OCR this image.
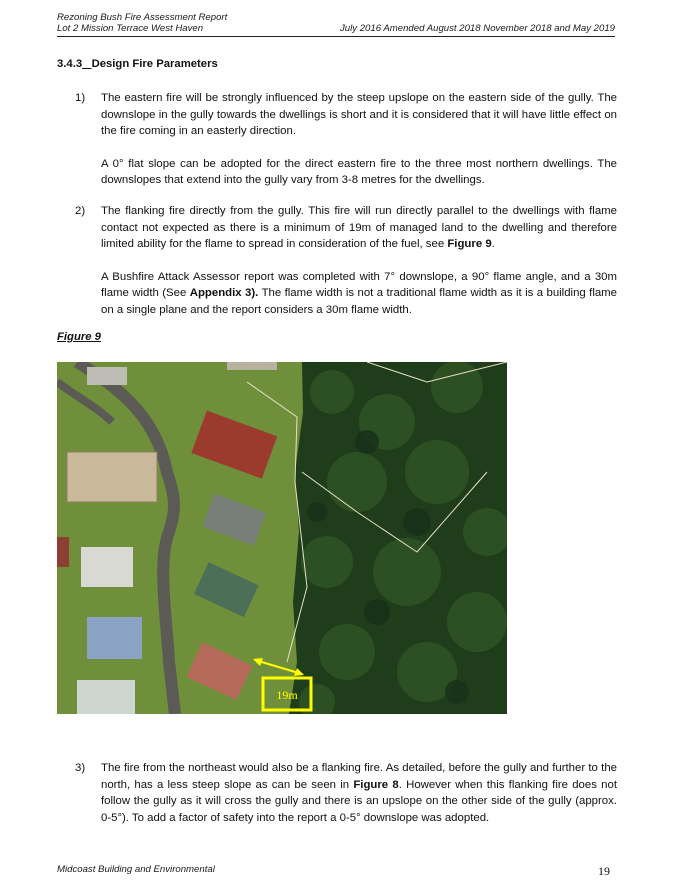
Rezoning Bush Fire Assessment Report
Lot 2 Mission Terrace West Haven	July 2016 Amended August 2018 November 2018 and May 2019
3.4.3 Design Fire Parameters
1) The eastern fire will be strongly influenced by the steep upslope on the eastern side of the gully. The downslope in the gully towards the dwellings is short and it is considered that it will have little effect on the fire coming in an easterly direction.

A 0° flat slope can be adopted for the direct eastern fire to the three most northern dwellings. The downslopes that extend into the gully vary from 3-8 metres for the dwellings.

2) The flanking fire directly from the gully. This fire will run directly parallel to the dwellings with flame contact not expected as there is a minimum of 19m of managed land to the dwelling and therefore limited ability for the flame to spread in consideration of the fuel, see Figure 9.

A Bushfire Attack Assessor report was completed with 7° downslope, a 90° flame angle, and a 30m flame width (See Appendix 3). The flame width is not a traditional flame width as it is a building flame on a single plane and the report considers a 30m flame width.

Figure 9
19m
3) The fire from the northeast would also be a flanking fire. As detailed, before the gully and further to the north, has a less steep slope as can be seen in Figure 8. However when this flanking fire does not follow the gully as it will cross the gully and there is an upslope on the other side of the gully (approx. 0-5°). To add a factor of safety into the report a 0-5° downslope was adopted.

Midcoast Building and Environmental	19
